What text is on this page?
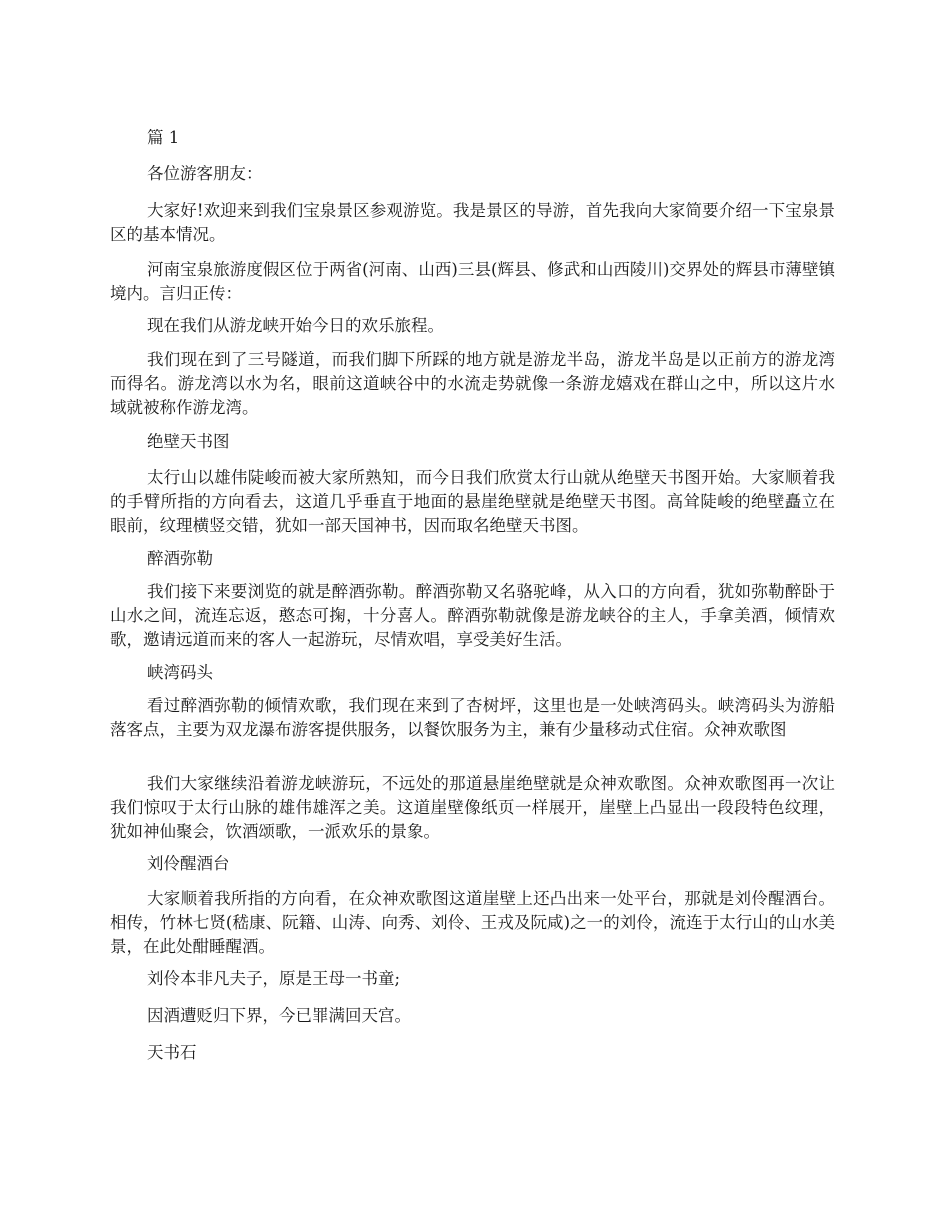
篇 1

各位游客朋友：

大家好!欢迎来到我们宝泉景区参观游览。我是景区的导游，首先我向大家简要介绍一下宝泉景区的基本情况。

河南宝泉旅游度假区位于两省(河南、山西)三县(辉县、修武和山西陵川)交界处的辉县市薄壁镇境内。言归正传：

现在我们从游龙峡开始今日的欢乐旅程。

我们现在到了三号隧道，而我们脚下所踩的地方就是游龙半岛，游龙半岛是以正前方的游龙湾而得名。游龙湾以水为名，眼前这道峡谷中的水流走势就像一条游龙嬉戏在群山之中，所以这片水域就被称作游龙湾。

绝壁天书图

太行山以雄伟陡峻而被大家所熟知，而今日我们欣赏太行山就从绝壁天书图开始。大家顺着我的手臂所指的方向看去，这道几乎垂直于地面的悬崖绝壁就是绝壁天书图。高耸陡峻的绝壁矗立在眼前，纹理横竖交错，犹如一部天国神书，因而取名绝壁天书图。

醉酒弥勒

我们接下来要浏览的就是醉酒弥勒。醉酒弥勒又名骆驼峰，从入口的方向看，犹如弥勒醉卧于山水之间，流连忘返，憨态可掬，十分喜人。醉酒弥勒就像是游龙峡谷的主人，手拿美酒，倾情欢歌，邀请远道而来的客人一起游玩，尽情欢唱，享受美好生活。

峡湾码头

看过醉酒弥勒的倾情欢歌，我们现在来到了杏树坪，这里也是一处峡湾码头。峡湾码头为游船落客点，主要为双龙瀑布游客提供服务，以餐饮服务为主，兼有少量移动式住宿。众神欢歌图

我们大家继续沿着游龙峡游玩，不远处的那道悬崖绝壁就是众神欢歌图。众神欢歌图再一次让我们惊叹于太行山脉的雄伟雄浑之美。这道崖壁像纸页一样展开，崖壁上凸显出一段段特色纹理，犹如神仙聚会，饮酒颂歌，一派欢乐的景象。

刘伶醒酒台

大家顺着我所指的方向看，在众神欢歌图这道崖壁上还凸出来一处平台，那就是刘伶醒酒台。相传，竹林七贤(嵇康、阮籍、山涛、向秀、刘伶、王戎及阮咸)之一的刘伶，流连于太行山的山水美景，在此处酣睡醒酒。

刘伶本非凡夫子，原是王母一书童;

因酒遭贬归下界，今已罪满回天宫。

天书石
